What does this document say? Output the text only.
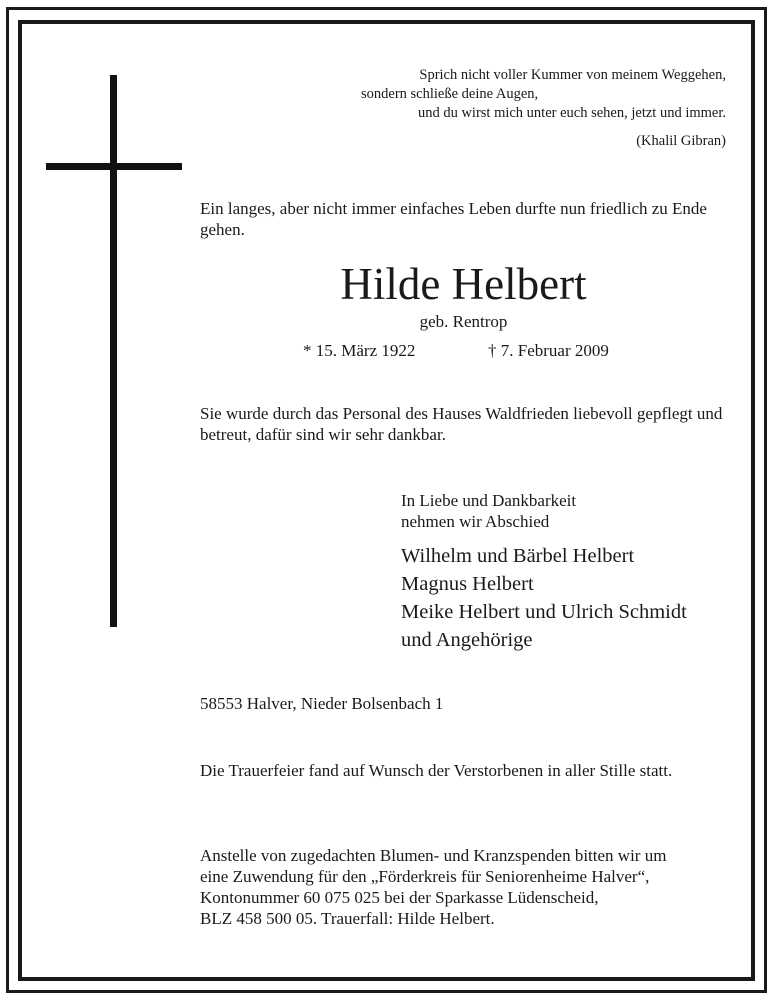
Sprich nicht voller Kummer von meinem Weggehen,
sondern schließe deine Augen,
und du wirst mich unter euch sehen, jetzt und immer.
(Khalil Gibran)
Ein langes, aber nicht immer einfaches Leben durfte nun friedlich zu Ende gehen.
Hilde Helbert
geb. Rentrop
* 15. März 1922	† 7. Februar 2009
Sie wurde durch das Personal des Hauses Waldfrieden liebevoll gepflegt und betreut, dafür sind wir sehr dankbar.
In Liebe und Dankbarkeit
nehmen wir Abschied
Wilhelm und Bärbel Helbert
Magnus Helbert
Meike Helbert und Ulrich Schmidt
und Angehörige
58553 Halver, Nieder Bolsenbach 1
Die Trauerfeier fand auf Wunsch der Verstorbenen in aller Stille statt.
Anstelle von zugedachten Blumen- und Kranzspenden bitten wir um
eine Zuwendung für den „Förderkreis für Seniorenheime Halver“,
Kontonummer 60 075 025 bei der Sparkasse Lüdenscheid,
BLZ 458 500 05. Trauerfall: Hilde Helbert.
